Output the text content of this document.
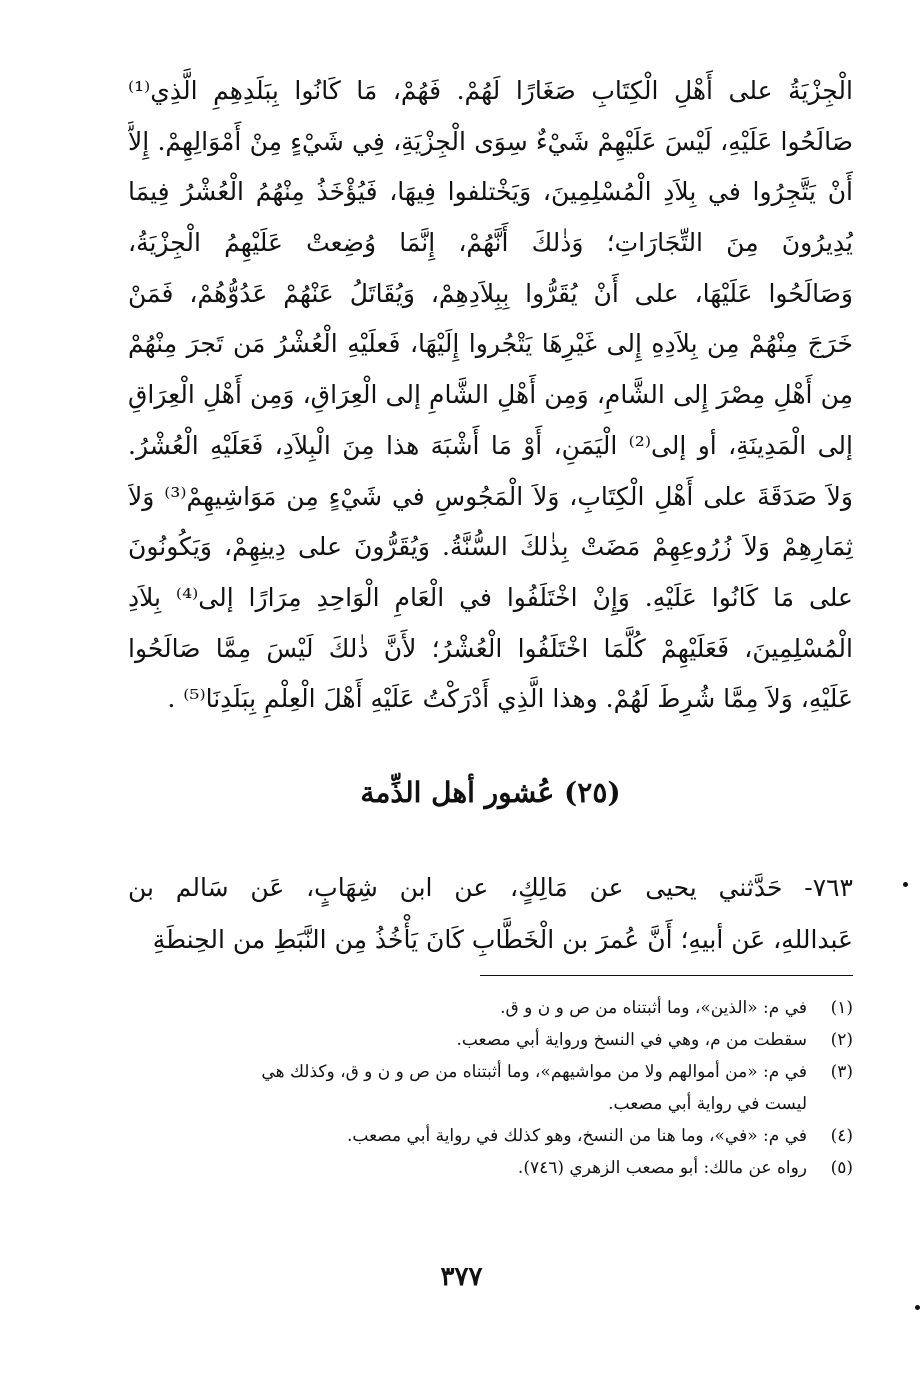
الْجِزْيَةُ على أَهْلِ الْكِتَابِ صَغَارًا لَهُمْ. فَهُمْ، مَا كَانُوا بِبَلَدِهِمِ الَّذِي⁽¹⁾
صَالَحُوا عَلَيْهِ، لَيْسَ عَلَيْهِمْ شَيْءٌ سِوَى الْجِزْيَةِ، فِي شَيْءٍ مِنْ أَمْوَالِهِمْ. إِلاَّ
أَنْ يَتَّجِرُوا في بِلاَدِ الْمُسْلِمِينَ، وَيَخْتلفوا فِيهَا، فَيُؤْخَذُ مِنْهُمُ الْعُشْرُ فِيمَا
يُدِيرُونَ مِنَ التِّجَارَاتِ؛ وَذٰلكَ أَنَّهُمْ، إِنَّمَا وُضِعتْ عَلَيْهِمُ الْجِزْيَةُ،
وَصَالَحُوا عَلَيْهَا، على أَنْ يُقَرُّوا بِبِلاَدِهِمْ، وَيُقَاتَلُ عَنْهُمْ عَدُوُّهُمْ، فَمَنْ
خَرَجَ مِنْهُمْ مِن بِلاَدِهِ إِلى غَيْرِهَا يَتْجُروا إِلَيْهَا، فَعلَيْهِ الْعُشْرُ مَن تَجرَ مِنْهُمْ
مِن أَهْلِ مِصْرَ إِلى الشَّامِ، وَمِن أَهْلِ الشَّامِ إلى الْعِرَاقِ، وَمِن أَهْلِ الْعِرَاقِ
إلى الْمَدِينَةِ، أو إلى⁽²⁾ الْيَمَنِ، أَوْ مَا أَشْبَهَ هذا مِنَ الْبِلاَدِ، فَعَلَيْهِ الْعُشْرُ.
وَلاَ صَدَقَةَ على أَهْلِ الْكِتَابِ، وَلاَ الْمَجُوسِ في شَيْءٍ مِن مَوَاشِيهِمْ⁽³⁾ وَلاَ
ثِمَارِهِمْ وَلاَ زُرُوعِهِمْ مَضَتْ بِذٰلكَ السُّنَّةُ. وَيُقَرُّونَ على دِينِهِمْ، وَيَكُونُونَ
على مَا كَانُوا عَلَيْهِ. وَإِنْ اخْتَلَفُوا في الْعَامِ الْوَاحِدِ مِرَارًا إلى⁽⁴⁾ بِلاَدِ
الْمُسْلِمِينَ، فَعَلَيْهِمْ كُلَّمَا اخْتَلَفُوا الْعُشْرُ؛ لأَنَّ ذٰلكَ لَيْسَ مِمَّا صَالَحُوا
عَلَيْهِ، وَلاَ مِمَّا شُرِطَ لَهُمْ. وهذا الَّذِي أَدْرَكْتُ عَلَيْهِ أَهْلَ الْعِلْمِ بِبَلَدِنَا⁽⁵⁾ .
(٢٥) عُشور أهل الذِّمة
٧٦٣- حَدَّثني يحيى عن مَالِكٍ، عن ابن شِهَابٍ، عَن سَالم بن
عَبداللهِ، عَن أبيهِ؛ أَنَّ عُمرَ بن الْخَطَّابِ كَانَ يَأْخُذُ مِن النَّبَطِ من الحِنطَةِ
(١)
في م: «الذين»، وما أثبتناه من ص و ن و ق.
(٢)
سقطت من م، وهي في النسخ ورواية أبي مصعب.
(٣)
في م: «من أموالهم ولا من مواشيهم»، وما أثبتناه من ص و ن و ق، وكذلك هي
ليست في رواية أبي مصعب.
(٤)
في م: «في»، وما هنا من النسخ، وهو كذلك في رواية أبي مصعب.
(٥)
رواه عن مالك: أبو مصعب الزهري (٧٤٦).
٣٧٧
